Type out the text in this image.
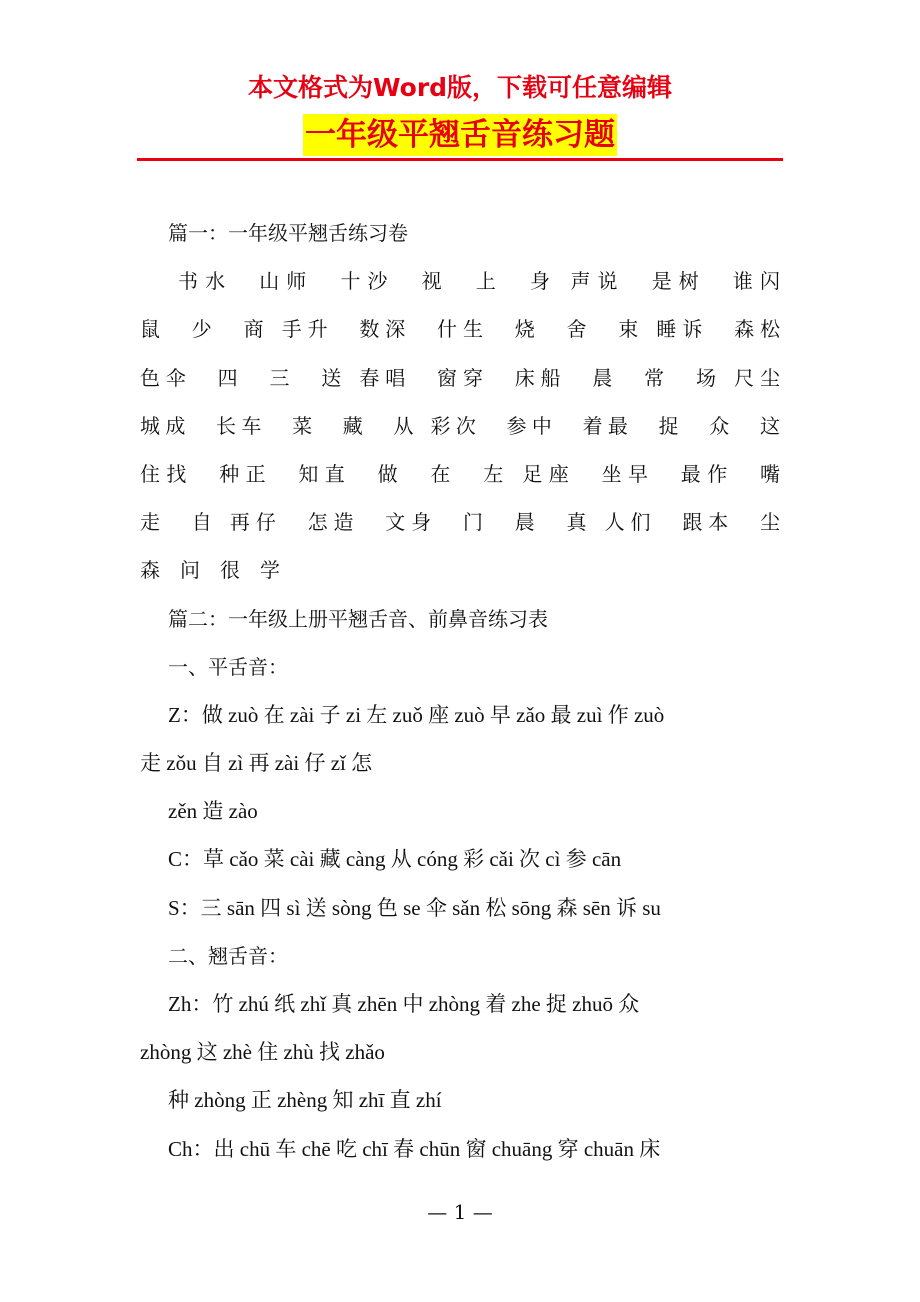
本文格式为Word版，下载可任意编辑
一年级平翘舌音练习题
篇一：一年级平翘舌练习卷
书水　山师　十沙　视　上　身 声说　是树　谁闪
鼠　少　商 手升　数深　什生　烧　舍　束 睡诉　森松
色伞　四　三　送 春唱　窗穿　床船　晨　常　场 尺尘
城成　长车　菜　藏　从 彩次　参中　着最　捉　众　这
住找　种正　知直　做　在　左 足座　坐早　最作　嘴
走　自 再仔　怎造　文身　门　晨　真 人们　跟本　尘
森　问　很　学
篇二：一年级上册平翘舌音、前鼻音练习表
一、平舌音：
Z：做 zuò 在 zài 子 zi 左 zuǒ 座 zuò 早 zǎo 最 zuì 作 zuò
走 zǒu 自 zì 再 zài 仔 zǐ 怎
zěn 造 zào
C：草 cǎo 菜 cài 藏 càng 从 cóng 彩 cǎi 次 cì 参 cān
S：三 sān 四 sì 送 sòng 色 se 伞 sǎn 松 sōng 森 sēn 诉 su
二、翘舌音：
Zh：竹 zhú 纸 zhǐ 真 zhēn 中 zhòng 着 zhe 捉 zhuō 众
zhòng 这 zhè 住 zhù 找 zhǎo
种 zhòng 正 zhèng 知 zhī 直 zhí
Ch：出 chū 车 chē 吃 chī 春 chūn 窗 chuāng 穿 chuān 床
— 1 —
